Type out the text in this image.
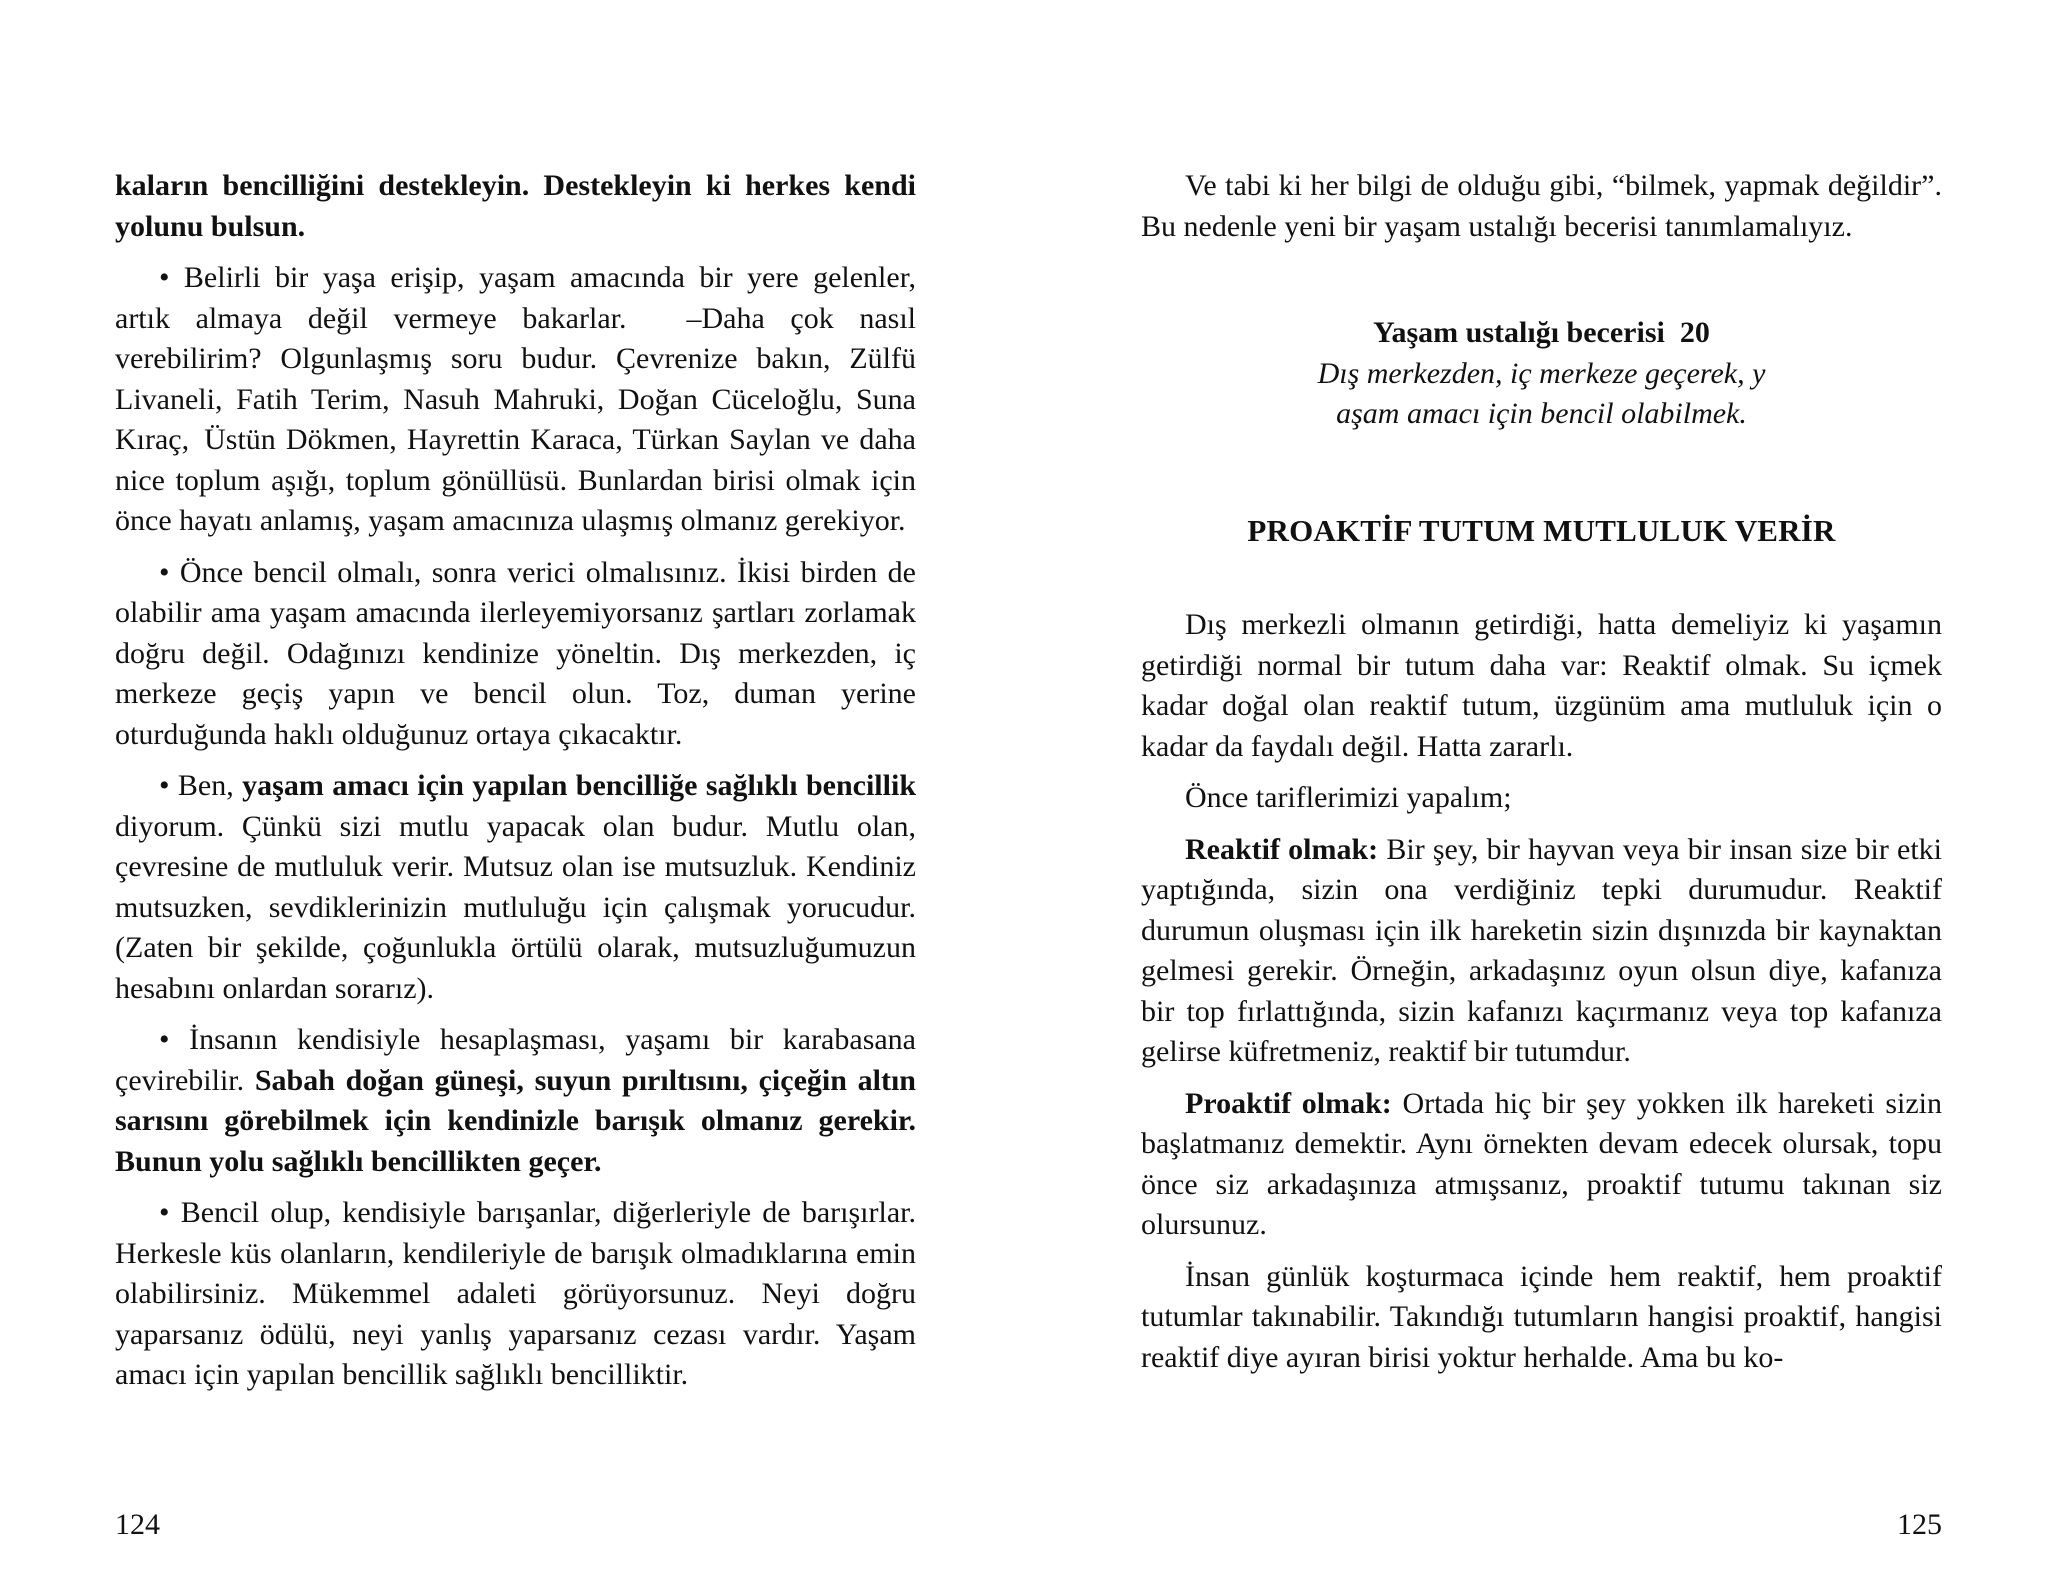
kaların bencilliğini destekleyin. Destekleyin ki herkes kendi yolunu bulsun.

• Belirli bir yaşa erişip, yaşam amacında bir yere gelenler, artık almaya değil vermeye bakarlar.  –Daha çok nasıl verebilirim? Olgunlaşmış soru budur. Çevrenize bakın, Zülfü Livaneli, Fatih Terim, Nasuh Mahruki, Doğan Cüceloğlu, Suna Kıraç, Üstün Dökmen, Hayrettin Karaca, Türkan Saylan ve daha nice toplum aşığı, toplum gönüllüsü. Bunlardan birisi olmak için önce hayatı anlamış, yaşam amacınıza ulaşmış olmanız gerekiyor.

• Önce bencil olmalı, sonra verici olmalısınız. İkisi birden de olabilir ama yaşam amacında ilerleyemiyorsanız şartları zorlamak doğru değil. Odağınızı kendinize yöneltin. Dış merkezden, iç merkeze geçiş yapın ve bencil olun. Toz, duman yerine oturduğunda haklı olduğunuz ortaya çıkacaktır.

• Ben, yaşam amacı için yapılan bencilliğe sağlıklı bencillik diyorum. Çünkü sizi mutlu yapacak olan budur. Mutlu olan, çevresine de mutluluk verir. Mutsuz olan ise mutsuzluk. Kendiniz mutsuzken, sevdiklerinizin mutluluğu için çalışmak yorucudur. (Zaten bir şekilde, çoğunlukla örtülü olarak, mutsuzluğumuzun hesabını onlardan sorarız).

• İnsanın kendisiyle hesaplaşması, yaşamı bir karabasana çevirebilir. Sabah doğan güneşi, suyun pırıltısını, çiçeğin altın sarısını görebilmek için kendinizle barışık olmanız gerekir. Bunun yolu sağlıklı bencillikten geçer.

• Bencil olup, kendisiyle barışanlar, diğerleriyle de barışırlar. Herkesle küs olanların, kendileriyle de barışık olmadıklarına emin olabilirsiniz. Mükemmel adaleti görüyorsunuz. Neyi doğru yaparsanız ödülü, neyi yanlış yaparsanız cezası vardır. Yaşam amacı için yapılan bencillik sağlıklı bencilliktir.

124

Ve tabi ki her bilgi de olduğu gibi, “bilmek, yapmak değildir”. Bu nedenle yeni bir yaşam ustalığı becerisi tanımlamalıyız.

Yaşam ustalığı becerisi 20

Dış merkezden, iç merkeze geçerek, y

aşam amacı için bencil olabilmek.

PROAKTİF TUTUM MUTLULUK VERİR

Dış merkezli olmanın getirdiği, hatta demeliyiz ki yaşamın getirdiği normal bir tutum daha var: Reaktif olmak. Su içmek kadar doğal olan reaktif tutum, üzgünüm ama mutluluk için o kadar da faydalı değil. Hatta zararlı.

Önce tariflerimizi yapalım;

Reaktif olmak: Bir şey, bir hayvan veya bir insan size bir etki yaptığında, sizin ona verdiğiniz tepki durumudur. Reaktif durumun oluşması için ilk hareketin sizin dışınızda bir kaynaktan gelmesi gerekir. Örneğin, arkadaşınız oyun olsun diye, kafanıza bir top fırlattığında, sizin kafanızı kaçırmanız veya top kafanıza gelirse küfretmeniz, reaktif bir tutumdur.

Proaktif olmak: Ortada hiç bir şey yokken ilk hareketi sizin başlatmanız demektir. Aynı örnekten devam edecek olursak, topu önce siz arkadaşınıza atmışsanız, proaktif tutumu takınan siz olursunuz.

İnsan günlük koşturmaca içinde hem reaktif, hem proaktif tutumlar takınabilir. Takındığı tutumların hangisi proaktif, hangisi reaktif diye ayıran birisi yoktur herhalde. Ama bu ko-

125
